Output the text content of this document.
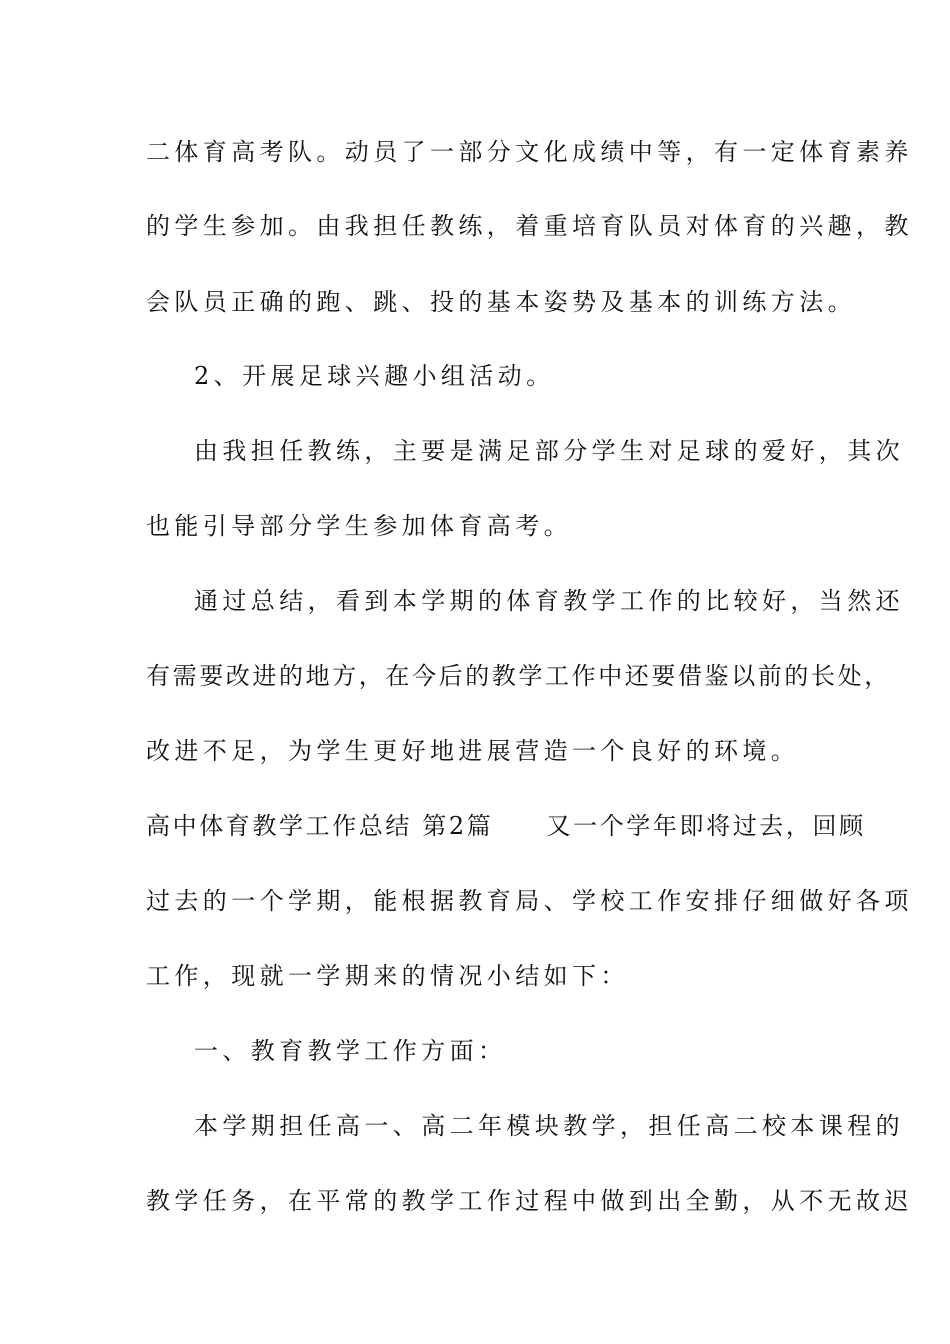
二体育高考队。动员了一部分文化成绩中等，有一定体育素养
的学生参加。由我担任教练，着重培育队员对体育的兴趣，教
会队员正确的跑、跳、投的基本姿势及基本的训练方法。
2、开展足球兴趣小组活动。
由我担任教练，主要是满足部分学生对足球的爱好，其次
也能引导部分学生参加体育高考。
通过总结，看到本学期的体育教学工作的比较好，当然还
有需要改进的地方，在今后的教学工作中还要借鉴以前的长处，
改进不足，为学生更好地进展营造一个良好的环境。
高中体育教学工作总结 第2篇　　又一个学年即将过去，回顾
过去的一个学期，能根据教育局、学校工作安排仔细做好各项
工作，现就一学期来的情况小结如下：
一、教育教学工作方面：
本学期担任高一、高二年模块教学，担任高二校本课程的
教学任务，在平常的教学工作过程中做到出全勤，从不无故迟
